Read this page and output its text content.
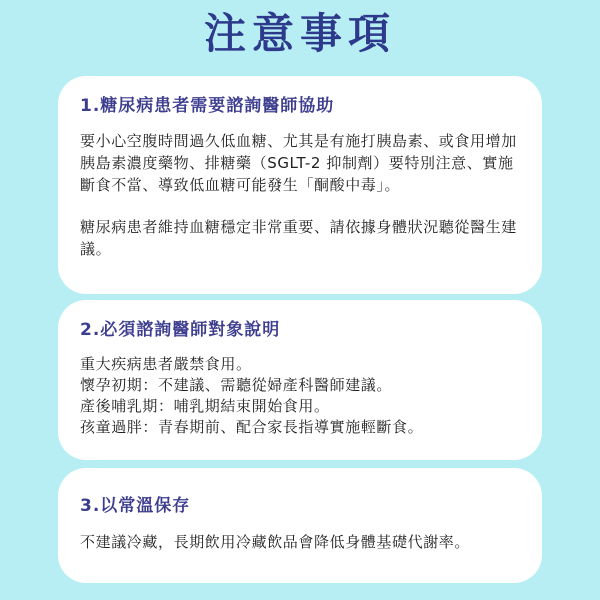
注意事項
1.糖尿病患者需要諮詢醫師協助

要小心空腹時間過久低血糖、尤其是有施打胰島素、或食用增加胰島素濃度藥物、排糖藥（SGLT-2 抑制劑）要特別注意、實施斷食不當、導致低血糖可能發生「酮酸中毒」。

糖尿病患者維持血糖穩定非常重要、請依據身體狀況聽從醫生建議。

2.必須諮詢醫師對象說明
重大疾病患者嚴禁食用。
懷孕初期：不建議、需聽從婦產科醫師建議。
產後哺乳期：哺乳期結束開始食用。
孩童過胖：青春期前、配合家長指導實施輕斷食。
3.以常溫保存
不建議冷藏，長期飲用冷藏飲品會降低身體基礎代謝率。
